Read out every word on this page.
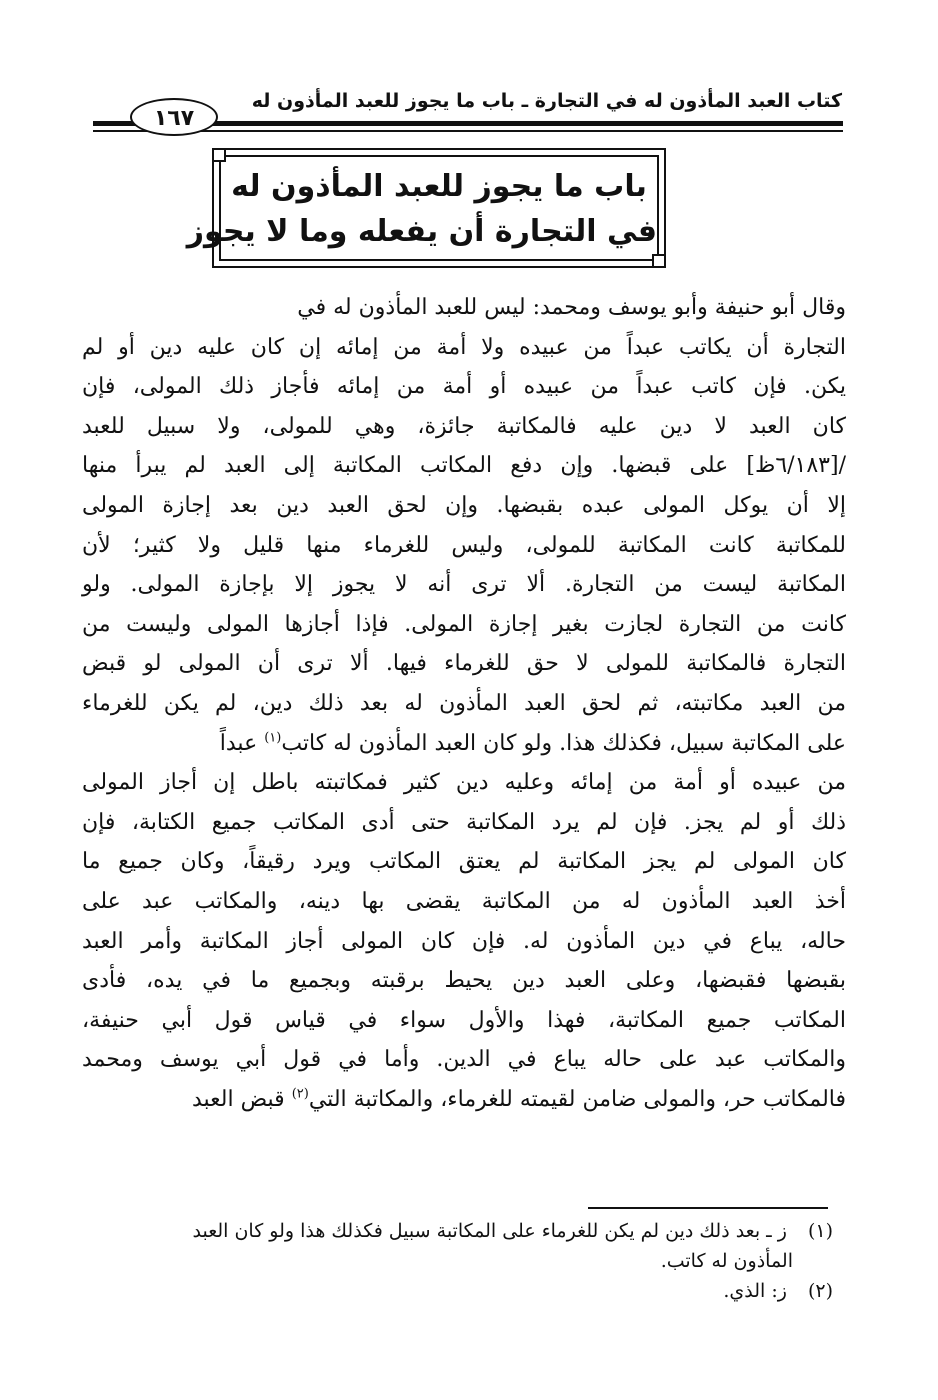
كتاب العبد المأذون له في التجارة ـ باب ما يجوز للعبد المأذون له
١٦٧
باب ما يجوز للعبد المأذون له
في التجارة أن يفعله وما لا يجوز
وقال أبو حنيفة وأبو يوسف ومحمد: ليس للعبد المأذون له في
التجارة أن يكاتب عبداً من عبيده ولا أمة من إمائه إن كان عليه دين أو لم
يكن. فإن كاتب عبداً من عبيده أو أمة من إمائه فأجاز ذلك المولى، فإن
كان العبد لا دين عليه فالمكاتبة جائزة، وهي للمولى، ولا سبيل للعبد
/[٦/١٨٣ظ] على قبضها. وإن دفع المكاتب المكاتبة إلى العبد لم يبرأ منها
إلا أن يوكل المولى عبده بقبضها. وإن لحق العبد دين بعد إجازة المولى
للمكاتبة كانت المكاتبة للمولى، وليس للغرماء منها قليل ولا كثير؛ لأن
المكاتبة ليست من التجارة. ألا ترى أنه لا يجوز إلا بإجازة المولى. ولو
كانت من التجارة لجازت بغير إجازة المولى. فإذا أجازها المولى وليست من
التجارة فالمكاتبة للمولى لا حق للغرماء فيها. ألا ترى أن المولى لو قبض
من العبد مكاتبته، ثم لحق العبد المأذون له بعد ذلك دين، لم يكن للغرماء
على المكاتبة سبيل، فكذلك هذا. ولو كان العبد المأذون له كاتب$^{(١)}$ عبداً
من عبيده أو أمة من إمائه وعليه دين كثير فمكاتبته باطل إن أجاز المولى
ذلك أو لم يجز. فإن لم يرد المكاتبة حتى أدى المكاتب جميع الكتابة، فإن
كان المولى لم يجز المكاتبة لم يعتق المكاتب ويرد رقيقاً، وكان جميع ما
أخذ العبد المأذون له من المكاتبة يقضى بها دينه، والمكاتب عبد على
حاله، يباع في دين المأذون له. فإن كان المولى أجاز المكاتبة وأمر العبد
بقبضها فقبضها، وعلى العبد دين يحيط برقبته وبجميع ما في يده، فأدى
المكاتب جميع المكاتبة، فهذا والأول سواء في قياس قول أبي حنيفة،
والمكاتب عبد على حاله يباع في الدين. وأما في قول أبي يوسف ومحمد
فالمكاتب حر، والمولى ضامن لقيمته للغرماء، والمكاتبة التي$^{(٢)}$ قبض العبد
(١) ز ـ بعد ذلك دين لم يكن للغرماء على المكاتبة سبيل فكذلك هذا ولو كان العبد
المأذون له كاتب.
(٢) ز: الذي.
